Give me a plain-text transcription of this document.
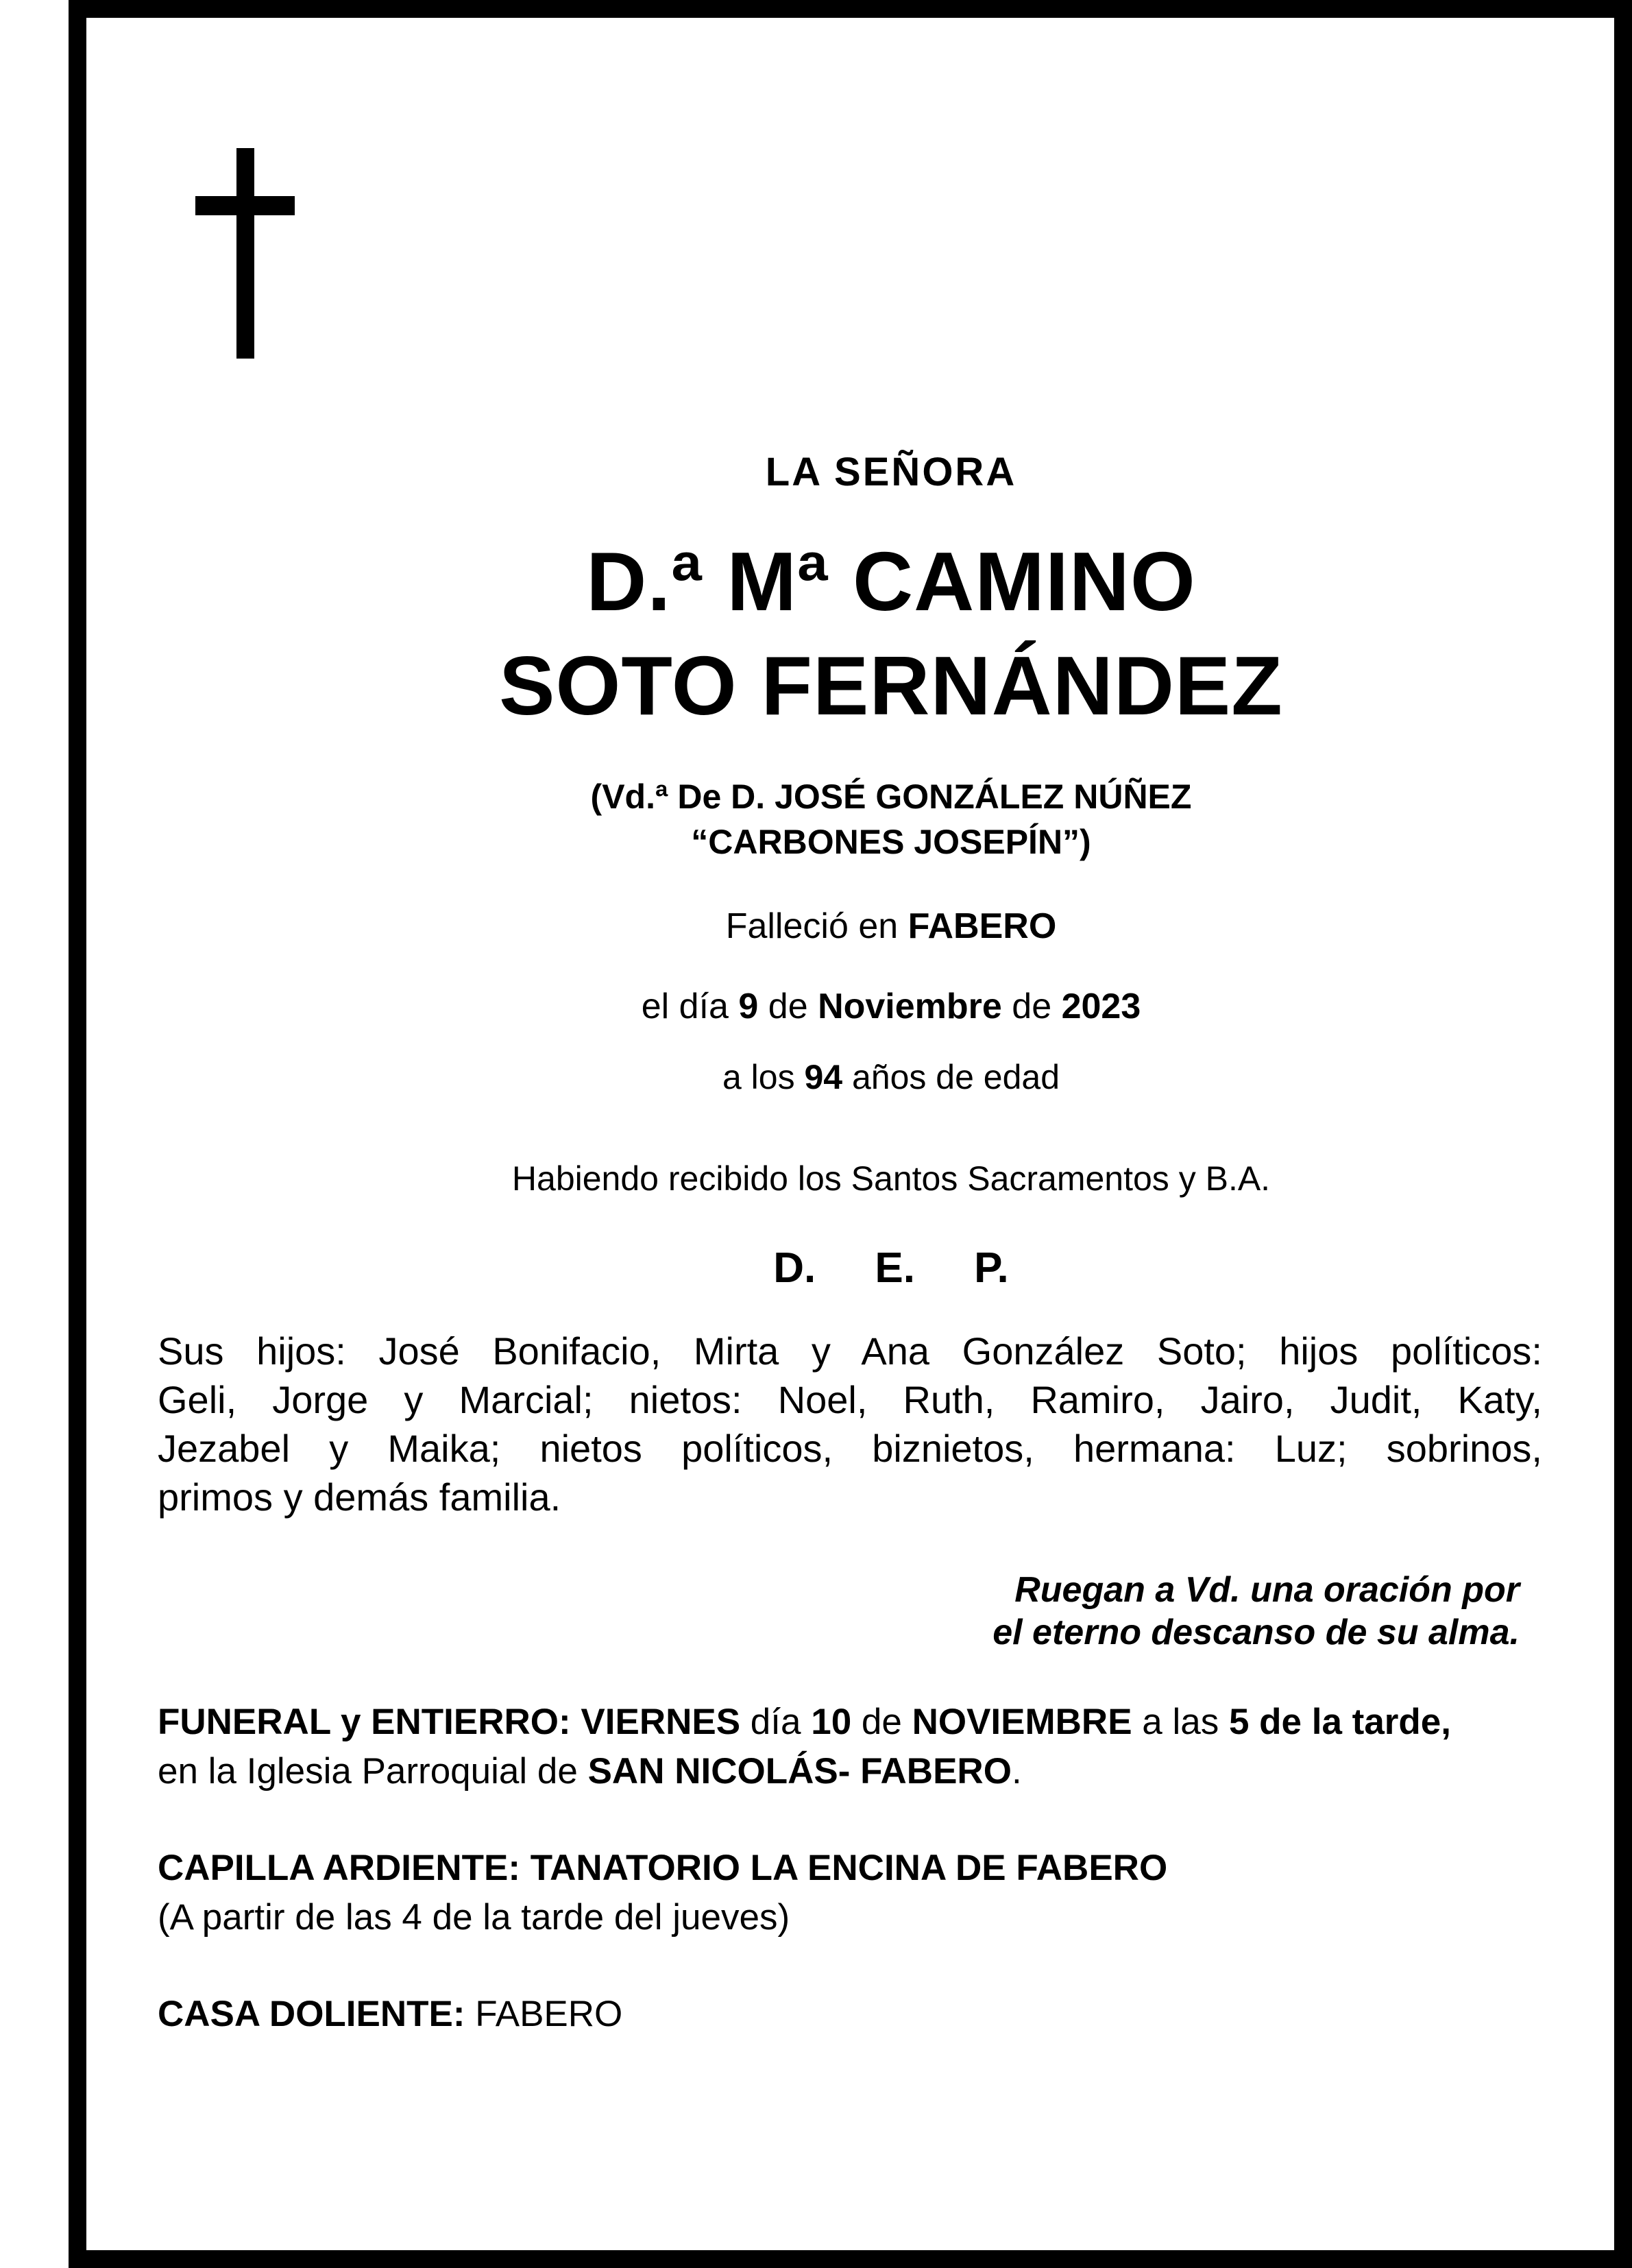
LA SEÑORA
D.ª Mª CAMINO
SOTO FERNÁNDEZ
(Vd.ª De D. JOSÉ GONZÁLEZ NÚÑEZ
“CARBONES JOSEPÍN”)
Falleció en FABERO
el día 9 de Noviembre de 2023
a los 94 años de edad
Habiendo recibido los Santos Sacramentos y B.A.
D.     E.     P.
Sus hijos: José Bonifacio, Mirta y Ana González Soto; hijos políticos:
Geli, Jorge y Marcial; nietos: Noel, Ruth, Ramiro, Jairo, Judit, Katy,
Jezabel y Maika; nietos políticos, biznietos, hermana: Luz; sobrinos,
primos y demás familia.
Ruegan a Vd. una oración por
el eterno descanso de su alma.
FUNERAL y ENTIERRO: VIERNES día 10 de NOVIEMBRE a las 5 de la tarde,
en la Iglesia Parroquial de SAN NICOLÁS- FABERO.
CAPILLA ARDIENTE: TANATORIO LA ENCINA DE FABERO
(A partir de las 4 de la tarde del jueves)
CASA DOLIENTE: FABERO
